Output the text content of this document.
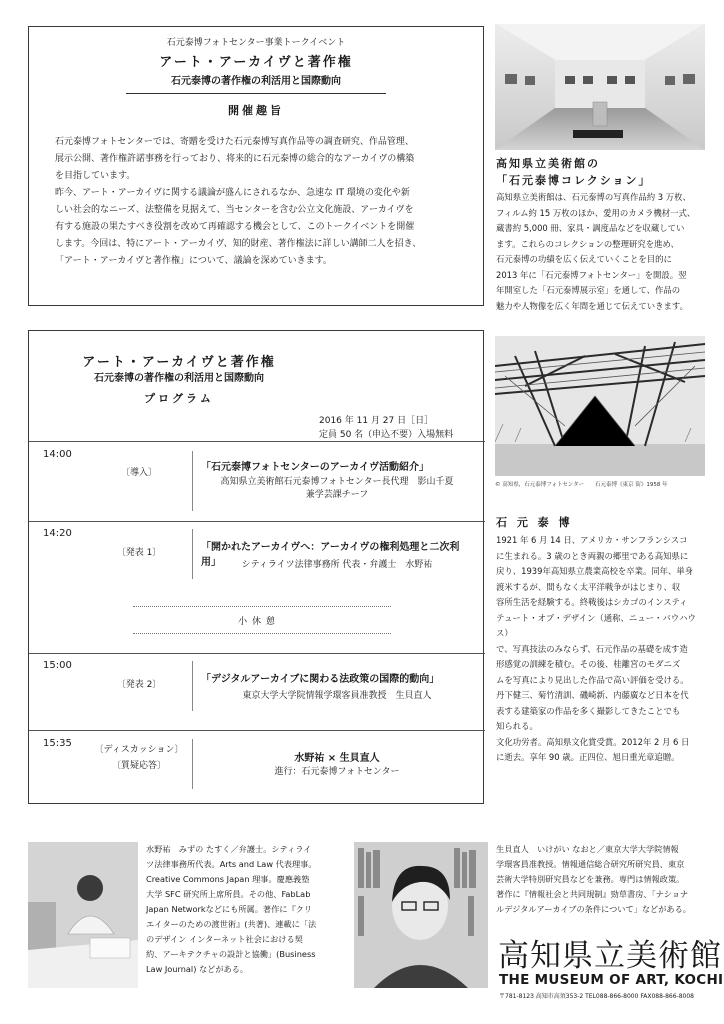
石元泰博フォトセンター事業トークイベント
アート・アーカイヴと著作権
石元泰博の著作権の利活用と国際動向
開催趣旨
石元泰博フォトセンターでは、寄贈を受けた石元泰博写真作品等の調査研究、作品管理、
展示公開、著作権許諾事務を行っており、将来的に石元泰博の総合的なアーカイヴの構築
を目指しています。
昨今、アート・アーカイヴに関する議論が盛んにされるなか、急速な IT 環境の変化や新
しい社会的なニーズ、法整備を見据えて、当センターを含む公立文化施設、アーカイヴを
有する施設の果たすべき役割を改めて再確認する機会として、このトークイベントを開催
します。今回は、特にアート・アーカイヴ、知的財産、著作権法に詳しい講師二人を招き、
「アート・アーカイヴと著作権」について、議論を深めていきます。
アート・アーカイヴと著作権
石元泰博の著作権の利活用と国際動向
プログラム
2016 年 11 月 27 日［日］
定員 50 名（申込不要）入場無料
14:00
〔導入〕	「石元泰博フォトセンターのアーカイヴ活動紹介」
高知県立美術館石元泰博フォトセンター長代理　影山千夏
兼学芸課チーフ
14:20
〔発表 1〕	「開かれたアーカイヴへ：アーカイヴの権利処理と二次利用」	シティライツ法律事務所 代表・弁護士　水野祐
小 休 憩
15:00
〔発表 2〕	「デジタルアーカイブに関わる法政策の国際的動向」
東京大学大学院情報学環客員准教授　生貝直人
15:35
〔ディスカッション〕
〔質疑応答〕
水野祐 × 生貝直人
進行：石元泰博フォトセンター
高知県立美術館の
「石元泰博コレクション」
高知県立美術館は、石元泰博の写真作品約 3 万枚、
フィルム約 15 万枚のほか、愛用のカメラ機材一式、
蔵書約 5,000 冊、家具・調度品などを収蔵してい
ます。これらのコレクションの整理研究を進め、
石元泰博の功績を広く伝えていくことを目的に
2013 年に「石元泰博フォトセンター」を開設。翌
年開室した「石元泰博展示室」を通して、作品の
魅力や人物像を広く年間を通じて伝えていきます。
© 高知県，石元泰博フォトセンター　　石元泰博《東京 街》1958 年
石 元 泰 博
1921 年 6 月 14 日、アメリカ・サンフランシスコ
に生まれる。3 歳のとき両親の郷里である高知県に
戻り、1939年高知県立農業高校を卒業。同年、単身
渡米するが、間もなく太平洋戦争がはじまり、収
容所生活を経験する。終戦後はシカゴのインスティ
テュート・オブ・デザイン（通称、ニュー・バウハウス）
で、写真技法のみならず、石元作品の基礎を成す造
形感覚の訓練を積む。その後、桂離宮のモダニズ
ムを写真により見出した作品で高い評価を受ける。
丹下健三、菊竹清訓、磯崎新、内藤廣など日本を代
表する建築家の作品を多く撮影してきたことでも
知られる。
文化功労者。高知県文化賞受賞。2012年 2 月 6 日
に逝去。享年 90 歳。正四位、旭日重光章追贈。
水野祐　みずの たすく／弁護士。シティライ
ツ法律事務所代表。Arts and Law 代表理事。
Creative Commons Japan 理事。慶應義塾
大学 SFC 研究所上席所員。その他、FabLab
Japan Networkなどにも所属。著作に『クリ
エイターのための渡世術』(共著)、連載に「法
のデザイン インターネット社会における契
約、アーキテクチャの設計と協働」(Business
Law Journal) などがある。
生貝直人　いけがい なおと／東京大学大学院情報
学環客員准教授。情報通信総合研究所研究員、東京
芸術大学特別研究員などを兼務。専門は情報政策。
著作に『情報社会と共同規制』勁草書房、「ナショナ
ルデジタルアーカイブの条件について」などがある。
高知県立美術館
THE MUSEUM OF ART, KOCHI
〒781-8123 高知市高須353-2 TEL088-866-8000 FAX088-866-8008
